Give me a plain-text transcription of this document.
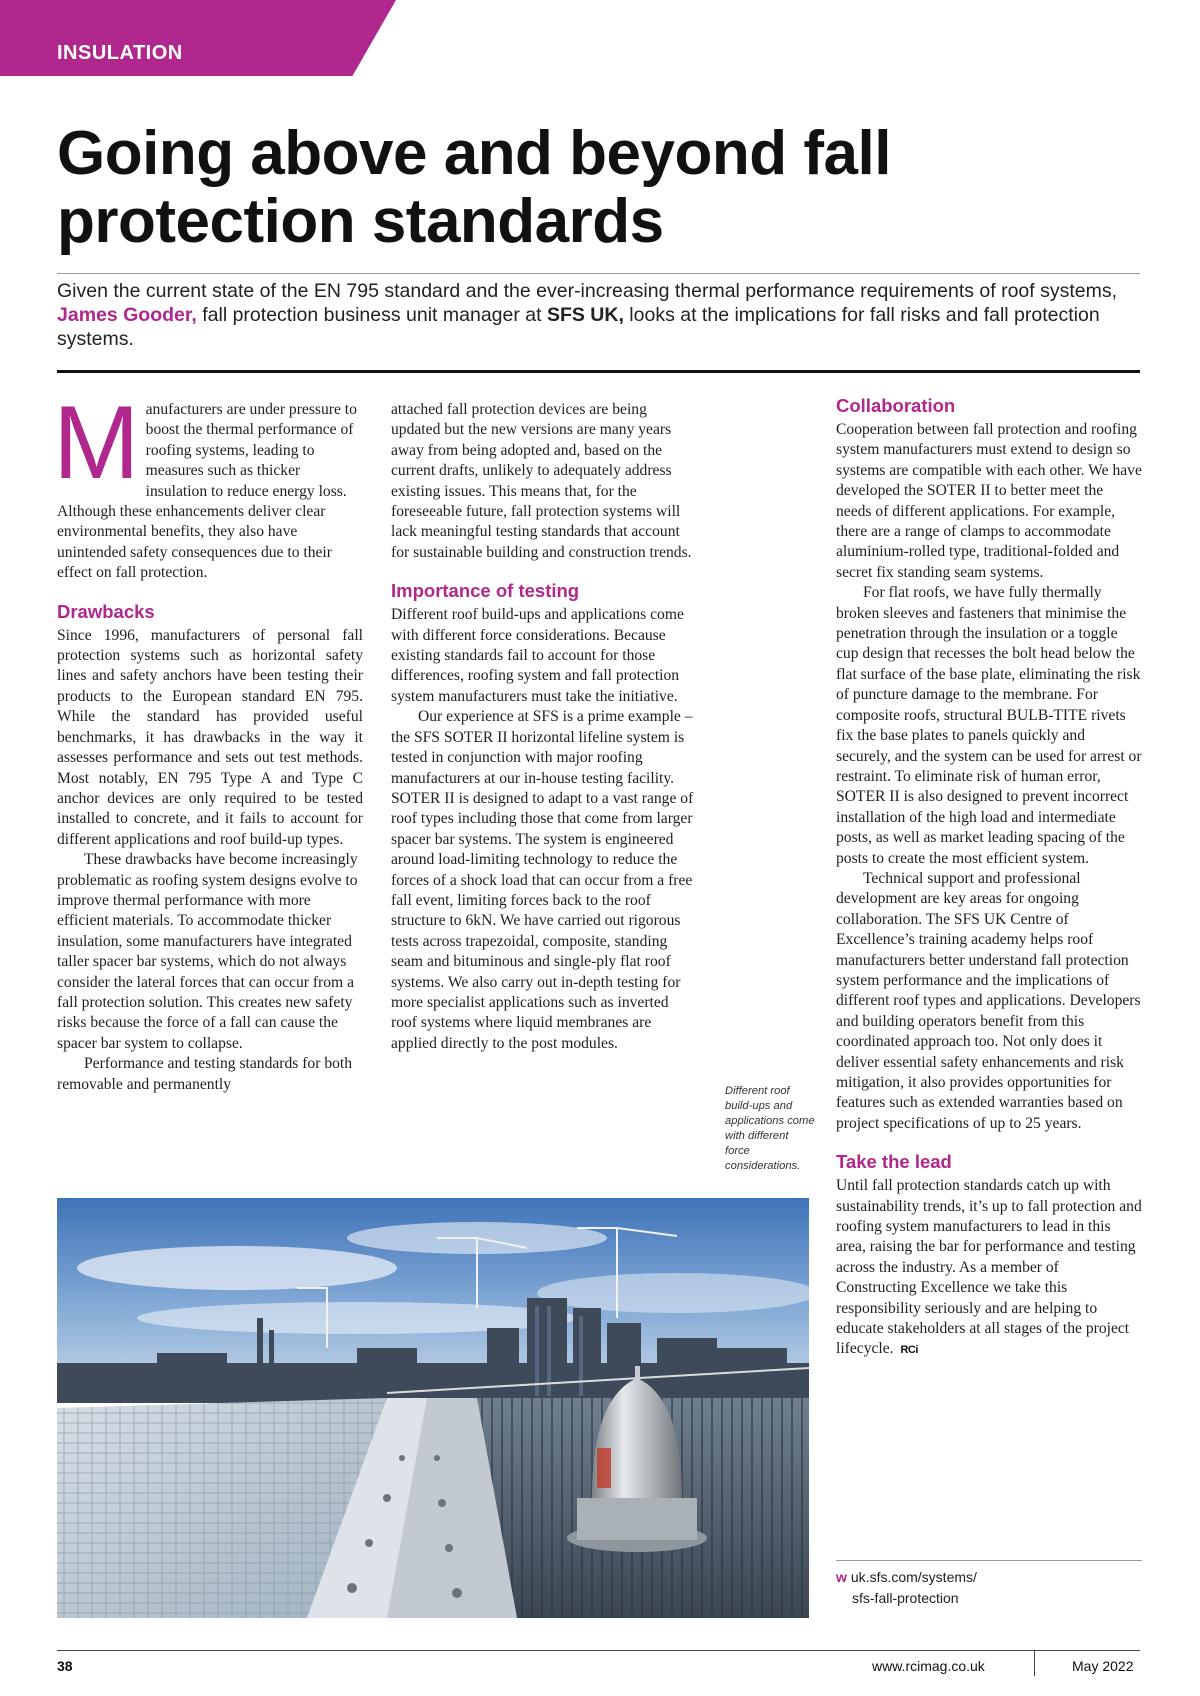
INSULATION
Going above and beyond fall
protection standards

Given the current state of the EN 795 standard and the ever-increasing thermal performance requirements of roof systems, James Gooder, fall protection business unit manager at SFS UK, looks at the implications for fall risks and fall protection systems.

Manufacturers are under pressure to boost the thermal performance of roofing systems, leading to measures such as thicker insulation to reduce energy loss. Although these enhancements deliver clear environmental benefits, they also have unintended safety consequences due to their effect on fall protection.

Drawbacks

Since 1996, manufacturers of personal fall protection systems such as horizontal safety lines and safety anchors have been testing their products to the European standard EN 795. While the standard has provided useful benchmarks, it has drawbacks in the way it assesses performance and sets out test methods. Most notably, EN 795 Type A and Type C anchor devices are only required to be tested installed to concrete, and it fails to account for different applications and roof build-up types.

These drawbacks have become increasingly problematic as roofing system designs evolve to improve thermal performance with more efficient materials. To accommodate thicker insulation, some manufacturers have integrated taller spacer bar systems, which do not always consider the lateral forces that can occur from a fall protection solution. This creates new safety risks because the force of a fall can cause the spacer bar system to collapse.

Performance and testing standards for both removable and permanently

attached fall protection devices are being updated but the new versions are many years away from being adopted and, based on the current drafts, unlikely to adequately address existing issues. This means that, for the foreseeable future, fall protection systems will lack meaningful testing standards that account for sustainable building and construction trends.

Importance of testing

Different roof build-ups and applications come with different force considerations. Because existing standards fail to account for those differences, roofing system and fall protection system manufacturers must take the initiative.

Our experience at SFS is a prime example – the SFS SOTER II horizontal lifeline system is tested in conjunction with major roofing manufacturers at our in-house testing facility. SOTER II is designed to adapt to a vast range of roof types including those that come from larger spacer bar systems. The system is engineered around load-limiting technology to reduce the forces of a shock load that can occur from a free fall event, limiting forces back to the roof structure to 6kN. We have carried out rigorous tests across trapezoidal, composite, standing seam and bituminous and single-ply flat roof systems. We also carry out in-depth testing for more specialist applications such as inverted roof systems where liquid membranes are applied directly to the post modules.

Different roof build-ups and applications come with different force considerations.
Collaboration

Cooperation between fall protection and roofing system manufacturers must extend to design so systems are compatible with each other. We have developed the SOTER II to better meet the needs of different applications. For example, there are a range of clamps to accommodate aluminium-rolled type, traditional-folded and secret fix standing seam systems.

For flat roofs, we have fully thermally broken sleeves and fasteners that minimise the penetration through the insulation or a toggle cup design that recesses the bolt head below the flat surface of the base plate, eliminating the risk of puncture damage to the membrane. For composite roofs, structural BULB-TITE rivets fix the base plates to panels quickly and securely, and the system can be used for arrest or restraint. To eliminate risk of human error, SOTER II is also designed to prevent incorrect installation of the high load and intermediate posts, as well as market leading spacing of the posts to create the most efficient system.

Technical support and professional development are key areas for ongoing collaboration. The SFS UK Centre of Excellence’s training academy helps roof manufacturers better understand fall protection system performance and the implications of different roof types and applications. Developers and building operators benefit from this coordinated approach too. Not only does it deliver essential safety enhancements and risk mitigation, it also provides opportunities for features such as extended warranties based on project specifications of up to 25 years.

Take the lead

Until fall protection standards catch up with sustainability trends, it’s up to fall protection and roofing system manufacturers to lead in this area, raising the bar for performance and testing across the industry. As a member of Constructing Excellence we take this responsibility seriously and are helping to educate stakeholders at all stages of the project lifecycle. RCi

w uk.sfs.com/systems/
sfs-fall-protection
38	www.rcimag.co.uk	May 2022
